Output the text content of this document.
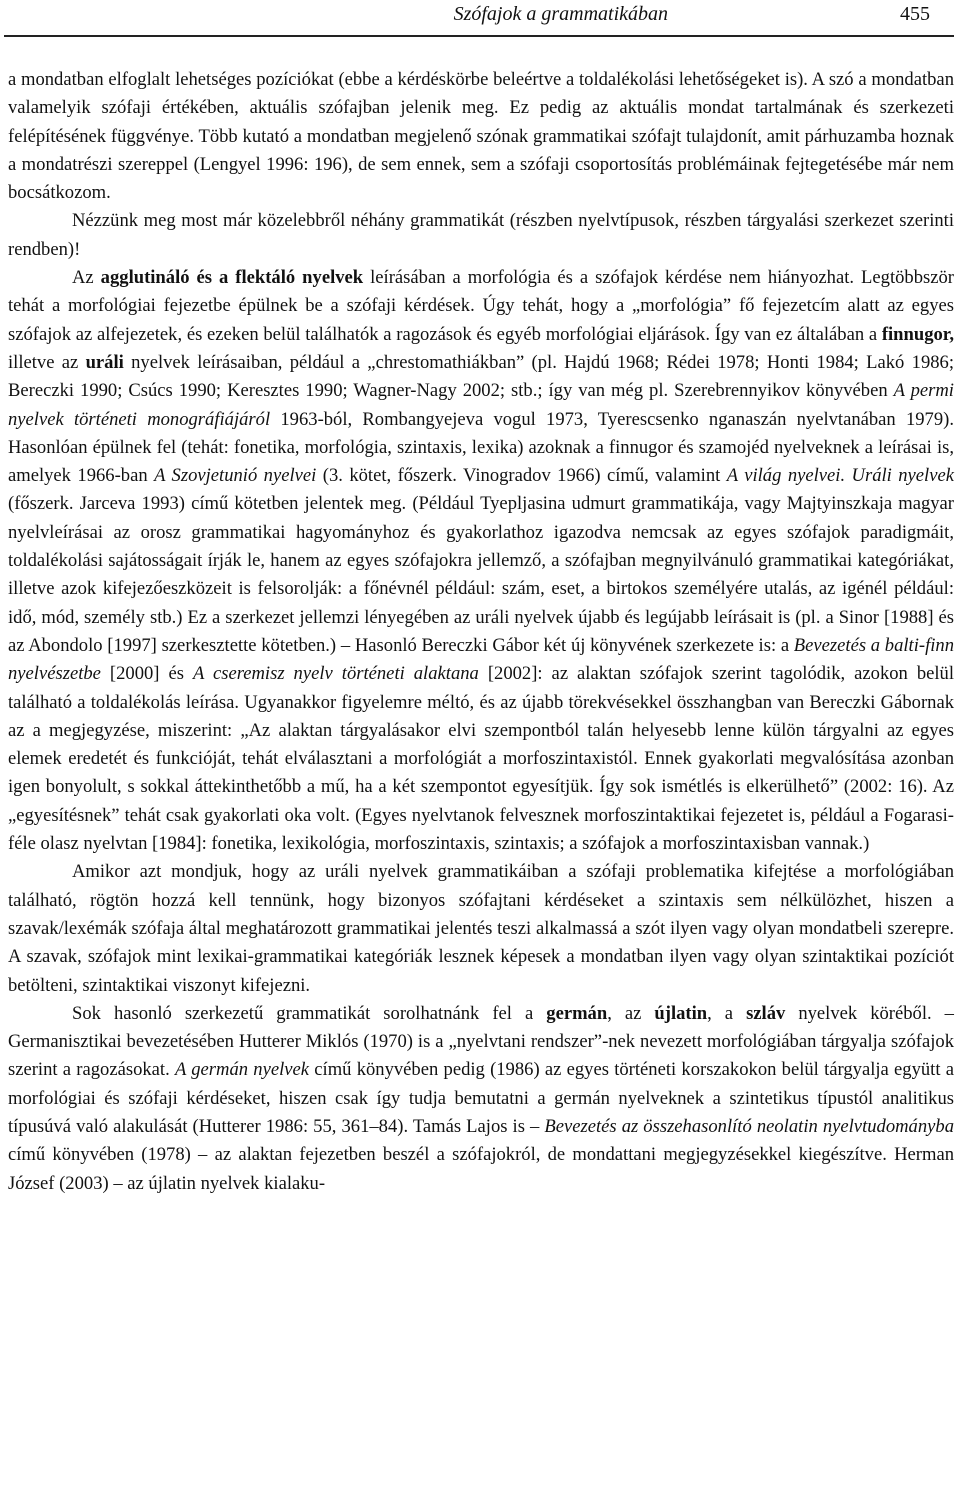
Szófajok a grammatikában	455

a mondatban elfoglalt lehetséges pozíciókat (ebbe a kérdéskörbe beleértve a toldalékolási lehetőségeket is). A szó a mondatban valamelyik szófaji értékében, aktuális szófajban jelenik meg. Ez pedig az aktuális mondat tartalmának és szerkezeti felépítésének függvénye. Több kutató a mondatban megjelenő szónak grammatikai szófajt tulajdonít, amit párhuzamba hoznak a mondatrészi szereppel (Lengyel 1996: 196), de sem ennek, sem a szófaji csoportosítás problémáinak fejtegetésébe már nem bocsátkozom.

Nézzünk meg most már közelebbről néhány grammatikát (részben nyelvtípusok, részben tárgyalási szerkezet szerinti rendben)!

Az agglutináló és a flektáló nyelvek leírásában a morfológia és a szófajok kérdése nem hiányozhat. Legtöbbször tehát a morfológiai fejezetbe épülnek be a szófaji kérdések. Úgy tehát, hogy a „morfológia” fő fejezetcím alatt az egyes szófajok az alfejezetek, és ezeken belül találhatók a ragozások és egyéb morfológiai eljárások. Így van ez általában a finnugor, illetve az uráli nyelvek leírásaiban, például a „chrestomathiákban” (pl. Hajdú 1968; Rédei 1978; Honti 1984; Lakó 1986; Bereczki 1990; Csúcs 1990; Keresztes 1990; Wagner-Nagy 2002; stb.; így van még pl. Szerebrennyikov könyvében A permi nyelvek történeti monográfiájáról 1963-ból, Rombangyejeva vogul 1973, Tyerescsenko nganaszán nyelvtanában 1979). Hasonlóan épülnek fel (tehát: fonetika, morfológia, szintaxis, lexika) azoknak a finnugor és szamojéd nyelveknek a leírásai is, amelyek 1966-ban A Szovjetunió nyelvei (3. kötet, főszerk. Vinogradov 1966) című, valamint A világ nyelvei. Uráli nyelvek (főszerk. Jarceva 1993) című kötetben jelentek meg. (Például Tyepljasina udmurt grammatikája, vagy Majtyinszkaja magyar nyelvleírásai az orosz grammatikai hagyományhoz és gyakorlathoz igazodva nemcsak az egyes szófajok paradigmáit, toldalékolási sajátosságait írják le, hanem az egyes szófajokra jellemző, a szófajban megnyilvánuló grammatikai kategóriákat, illetve azok kifejezőeszközeit is felsorolják: a főnévnél például: szám, eset, a birtokos személyére utalás, az igénél például: idő, mód, személy stb.) Ez a szerkezet jellemzi lényegében az uráli nyelvek újabb és legújabb leírásait is (pl. a Sinor [1988] és az Abondolo [1997] szerkesztette kötetben.) – Hasonló Bereczki Gábor két új könyvének szerkezete is: a Bevezetés a balti-finn nyelvészetbe [2000] és A cseremisz nyelv történeti alaktana [2002]: az alaktan szófajok szerint tagolódik, azokon belül található a toldalékolás leírása. Ugyanakkor figyelemre méltó, és az újabb törekvésekkel összhangban van Bereczki Gábornak az a megjegyzése, miszerint: „Az alaktan tárgyalásakor elvi szempontból talán helyesebb lenne külön tárgyalni az egyes elemek eredetét és funkcióját, tehát elválasztani a morfológiát a morfoszintaxistól. Ennek gyakorlati megvalósítása azonban igen bonyolult, s sokkal áttekinthetőbb a mű, ha a két szempontot egyesítjük. Így sok ismétlés is elkerülhető” (2002: 16). Az „egyesítésnek” tehát csak gyakorlati oka volt. (Egyes nyelvtanok felvesznek morfoszintaktikai fejezetet is, például a Fogarasi-féle olasz nyelvtan [1984]: fonetika, lexikológia, morfoszintaxis, szintaxis; a szófajok a morfoszintaxisban vannak.)

Amikor azt mondjuk, hogy az uráli nyelvek grammatikáiban a szófaji problematika kifejtése a morfológiában található, rögtön hozzá kell tennünk, hogy bizonyos szófajtani kérdéseket a szintaxis sem nélkülözhet, hiszen a szavak/lexémák szófaja által meghatározott grammatikai jelentés teszi alkalmassá a szót ilyen vagy olyan mondatbeli szerepre. A szavak, szófajok mint lexikai-grammatikai kategóriák lesznek képesek a mondatban ilyen vagy olyan szintaktikai pozíciót betölteni, szintaktikai viszonyt kifejezni.

Sok hasonló szerkezetű grammatikát sorolhatnánk fel a germán, az újlatin, a szláv nyelvek köréből. – Germanisztikai bevezetésében Hutterer Miklós (1970) is a „nyelvtani rendszer”-nek nevezett morfológiában tárgyalja szófajok szerint a ragozásokat. A germán nyelvek című könyvében pedig (1986) az egyes történeti korszakokon belül tárgyalja együtt a morfológiai és szófaji kérdéseket, hiszen csak így tudja bemutatni a germán nyelveknek a szintetikus típustól analitikus típusúvá való alakulását (Hutterer 1986: 55, 361–84). Tamás Lajos is – Bevezetés az összehasonlító neolatin nyelvtudományba című könyvében (1978) – az alaktan fejezetben beszél a szófajokról, de mondattani megjegyzésekkel kiegészítve. Herman József (2003) – az újlatin nyelvek kialaku-
